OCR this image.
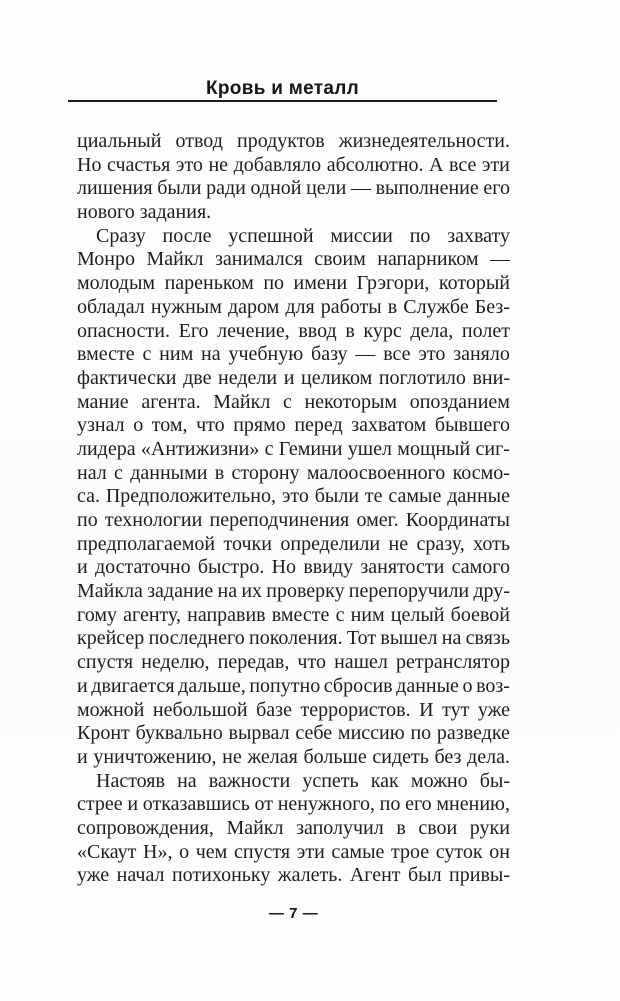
Кровь и металл
циальный отвод продуктов жизнедеятельности.
Но счастья это не добавляло абсолютно. А все эти
лишения были ради одной цели — выполнение его
нового задания.
Сразу после успешной миссии по захвату
Монро Майкл занимался своим напарником —
молодым пареньком по имени Грэгори, который
обладал нужным даром для работы в Службе Без-
опасности. Его лечение, ввод в курс дела, полет
вместе с ним на учебную базу — все это заняло
фактически две недели и целиком поглотило вни-
мание агента. Майкл с некоторым опозданием
узнал о том, что прямо перед захватом бывшего
лидера «Антижизни» с Гемини ушел мощный сиг-
нал с данными в сторону малоосвоенного космо-
са. Предположительно, это были те самые данные
по технологии переподчинения омег. Координаты
предполагаемой точки определили не сразу, хоть
и достаточно быстро. Но ввиду занятости самого
Майкла задание на их проверку перепоручили дру-
гому агенту, направив вместе с ним целый боевой
крейсер последнего поколения. Тот вышел на связь
спустя неделю, передав, что нашел ретранслятор
и двигается дальше, попутно сбросив данные о воз-
можной небольшой базе террористов. И тут уже
Кронт буквально вырвал себе миссию по разведке
и уничтожению, не желая больше сидеть без дела.
Настояв на важности успеть как можно бы-
стрее и отказавшись от ненужного, по его мнению,
сопровождения, Майкл заполучил в свои руки
«Скаут Н», о чем спустя эти самые трое суток он
уже начал потихоньку жалеть. Агент был привы-
— 7 —
